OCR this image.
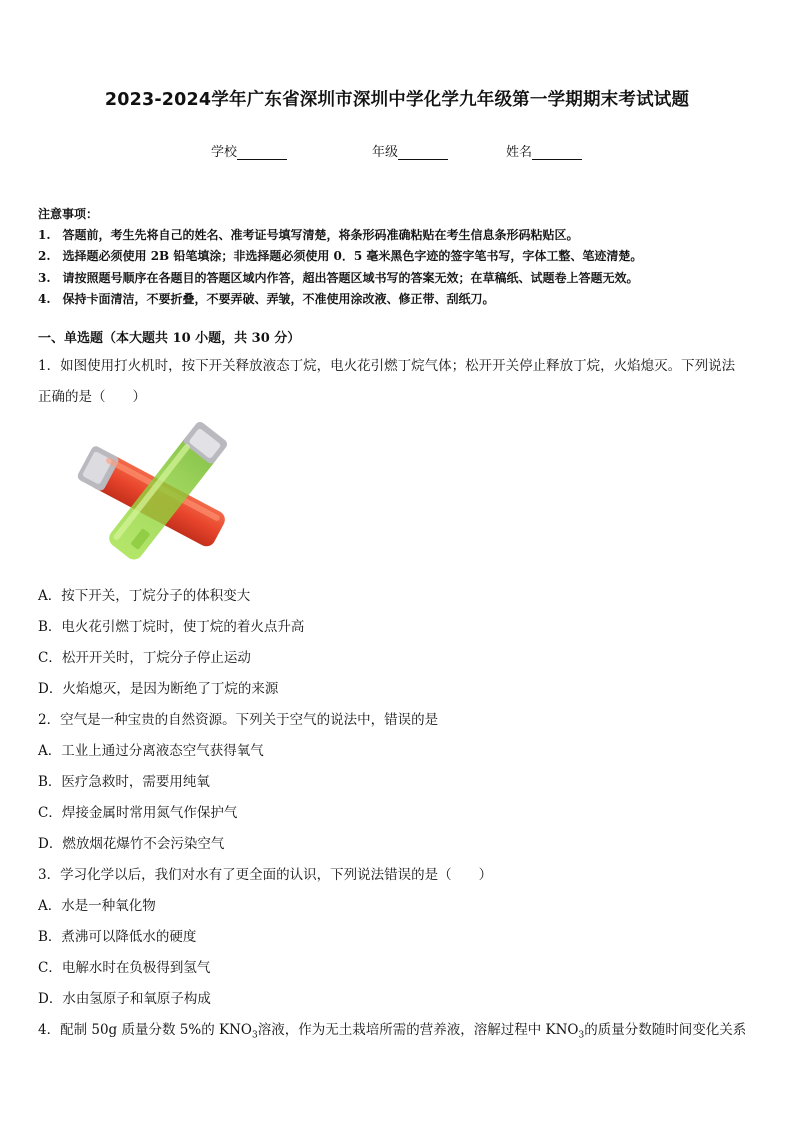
2023-2024学年广东省深圳市深圳中学化学九年级第一学期期末考试试题
学校	年级	姓名

注意事项：

1.　答题前，考生先将自己的姓名、准考证号填写清楚，将条形码准确粘贴在考生信息条形码粘贴区。

2.　选择题必须使用 2B 铅笔填涂；非选择题必须使用 0．5 毫米黑色字迹的签字笔书写，字体工整、笔迹清楚。

3.　请按照题号顺序在各题目的答题区域内作答，超出答题区域书写的答案无效；在草稿纸、试题卷上答题无效。

4.　保持卡面清洁，不要折叠，不要弄破、弄皱，不准使用涂改液、修正带、刮纸刀。

一、单选题（本大题共 10 小题，共 30 分）
1．如图使用打火机时，按下开关释放液态丁烷，电火花引燃丁烷气体；松开开关停止释放丁烷，火焰熄灭。下列说法
正确的是（　　）
A．按下开关，丁烷分子的体积变大
B．电火花引燃丁烷时，使丁烷的着火点升高
C．松开开关时，丁烷分子停止运动
D．火焰熄灭，是因为断绝了丁烷的来源
2．空气是一种宝贵的自然资源。下列关于空气的说法中，错误的是
A．工业上通过分离液态空气获得氧气
B．医疗急救时，需要用纯氧
C．焊接金属时常用氮气作保护气
D．燃放烟花爆竹不会污染空气
3．学习化学以后，我们对水有了更全面的认识，下列说法错误的是（　　）
A．水是一种氧化物
B．煮沸可以降低水的硬度
C．电解水时在负极得到氢气
D．水由氢原子和氧原子构成
4．配制 50g 质量分数 5%的 $KNO_3$溶液，作为无土栽培所需的营养液，溶解过程中 $KNO_3$的质量分数随时间变化关系
